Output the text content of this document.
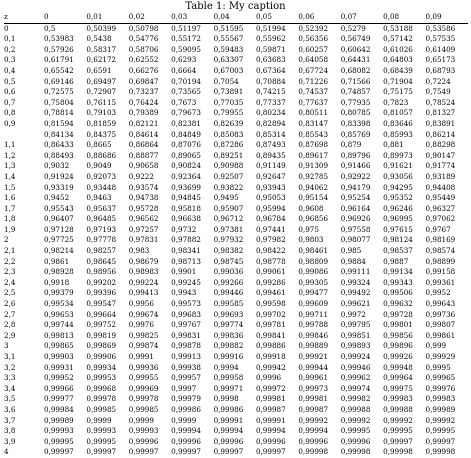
Table 1: My caption
z	0	0,01	0,02	0,03	0,04	0,05	0,06	0,07	0,08	0,09
0	0,5	0,50399	0,50798	0,51197	0,51595	0,51994	0,52392	0,5279	0,53188	0,53586
0,1	0,53983	0,5438	0,54776	0,55172	0,55567	0,55962	0,56356	0,56749	0,57142	0,57535
0,2	0,57926	0,58317	0,58706	0,59095	0,59483	0,59871	0,60257	0,60642	0,61026	0,61409
0,3	0,61791	0,62172	0,62552	0,6293	0,63307	0,63683	0,64058	0,64431	0,64803	0,65173
0,4	0,65542	0,6591	0,66276	0,6664	0,67003	0,67364	0,67724	0,68082	0,68439	0,68793
0,5	0,69146	0,69497	0,69847	0,70194	0,7054	0,70884	0,71226	0,71566	0,71904	0,7224
0,6	0,72575	0,72907	0,73237	0,73565	0,73891	0,74215	0,74537	0,74857	0,75175	0,7549
0,7	0,75804	0,76115	0,76424	0,7673	0,77035	0,77337	0,77637	0,77935	0,7823	0,78524
0,8	0,78814	0,79103	0,79389	0,79673	0,79955	0,80234	0,80511	0,80785	0,81057	0,81327
0,9	0,81594	0,81859	0,82121	0,82381	0,82639	0,82894	0,83147	0,83398	0,83646	0,83891
	0,84134	0,84375	0,84614	0,84849	0,85083	0,85314	0,85543	0,85769	0,85993	0,86214
1,1	0,86433	0,8665	0,86864	0,87076	0,87286	0,87493	0,87698	0,879	0,881	0,88298
1,2	0,88493	0,88686	0,88877	0,89065	0,89251	0,89435	0,89617	0,89796	0,89973	0,90147
1,3	0,9032	0,9049	0,90658	0,90824	0,90988	0,91149	0,91309	0,91466	0,91621	0,91774
1,4	0,91924	0,92073	0,9222	0,92364	0,92507	0,92647	0,92785	0,92922	0,93056	0,93189
1,5	0,93319	0,93448	0,93574	0,93699	0,93822	0,93943	0,94062	0,94179	0,94295	0,94408
1,6	0,9452	0,9463	0,94738	0,94845	0,9495	0,95053	0,95154	0,95254	0,95352	0,95449
1,7	0,95543	0,95637	0,95728	0,95818	0,95907	0,95994	0,9608	0,96164	0,96246	0,96327
1,8	0,96407	0,96485	0,96562	0,96638	0,96712	0,96784	0,96856	0,96926	0,96995	0,97062
1,9	0,97128	0,97193	0,97257	0,9732	0,97381	0,97441	0,975	0,97558	0,97615	0,9767
2	0,97725	0,97778	0,97831	0,97882	0,97932	0,97982	0,9803	0,98077	0,98124	0,98169
2,1	0,98214	0,98257	0,983	0,98341	0,98382	0,98422	0,98461	0,985	0,98537	0,98574
2,2	0,9861	0,98645	0,98679	0,98713	0,98745	0,98778	0,98809	0,9884	0,9887	0,98899
2,3	0,98928	0,98956	0,98983	0,9901	0,99036	0,99061	0,99086	0,99111	0,99134	0,99158
2,4	0,9918	0,99202	0,99224	0,99245	0,99266	0,99286	0,99305	0,99324	0,99343	0,99361
2,5	0,99379	0,99396	0,99413	0,9943	0,99446	0,99461	0,99477	0,99492	0,99506	0,9952
2,6	0,99534	0,99547	0,9956	0,99573	0,99585	0,99598	0,99609	0,99621	0,99632	0,99643
2,7	0,99653	0,99664	0,99674	0,99683	0,99693	0,99702	0,99711	0,9972	0,99728	0,99736
2,8	0,99744	0,99752	0,9976	0,99767	0,99774	0,99781	0,99788	0,99795	0,99801	0,99807
2,9	0,99813	0,99819	0,99825	0,99831	0,99836	0,99841	0,99846	0,99851	0,99856	0,99861
3	0,99865	0,99869	0,99874	0,99878	0,99882	0,99886	0,99889	0,99893	0,99896	0,999
3,1	0,99903	0,99906	0,9991	0,99913	0,99916	0,99918	0,99921	0,99924	0,99926	0,99929
3,2	0,99931	0,99934	0,99936	0,99938	0,9994	0,99942	0,99944	0,99946	0,99948	0,9995
3,3	0,99952	0,99953	0,99955	0,99957	0,99958	0,9996	0,99961	0,99962	0,99964	0,99965
3,4	0,99966	0,99968	0,99969	0,9997	0,99971	0,99972	0,99973	0,99974	0,99975	0,99976
3,5	0,99977	0,99978	0,99978	0,99979	0,9998	0,99981	0,99981	0,99982	0,99983	0,99983
3,6	0,99984	0,99985	0,99985	0,99986	0,99986	0,99987	0,99987	0,99988	0,99988	0,99989
3,7	0,99989	0,9999	0,9999	0,9999	0,99991	0,99991	0,99992	0,99992	0,99992	0,99992
3,8	0,99993	0,99993	0,99993	0,99994	0,99994	0,99994	0,99994	0,99995	0,99995	0,99995
3,9	0,99995	0,99995	0,99996	0,99996	0,99996	0,99996	0,99996	0,99996	0,99997	0,99997
4	0,99997	0,99997	0,99997	0,99997	0,99997	0,99997	0,99998	0,99998	0,99998	0,99998
